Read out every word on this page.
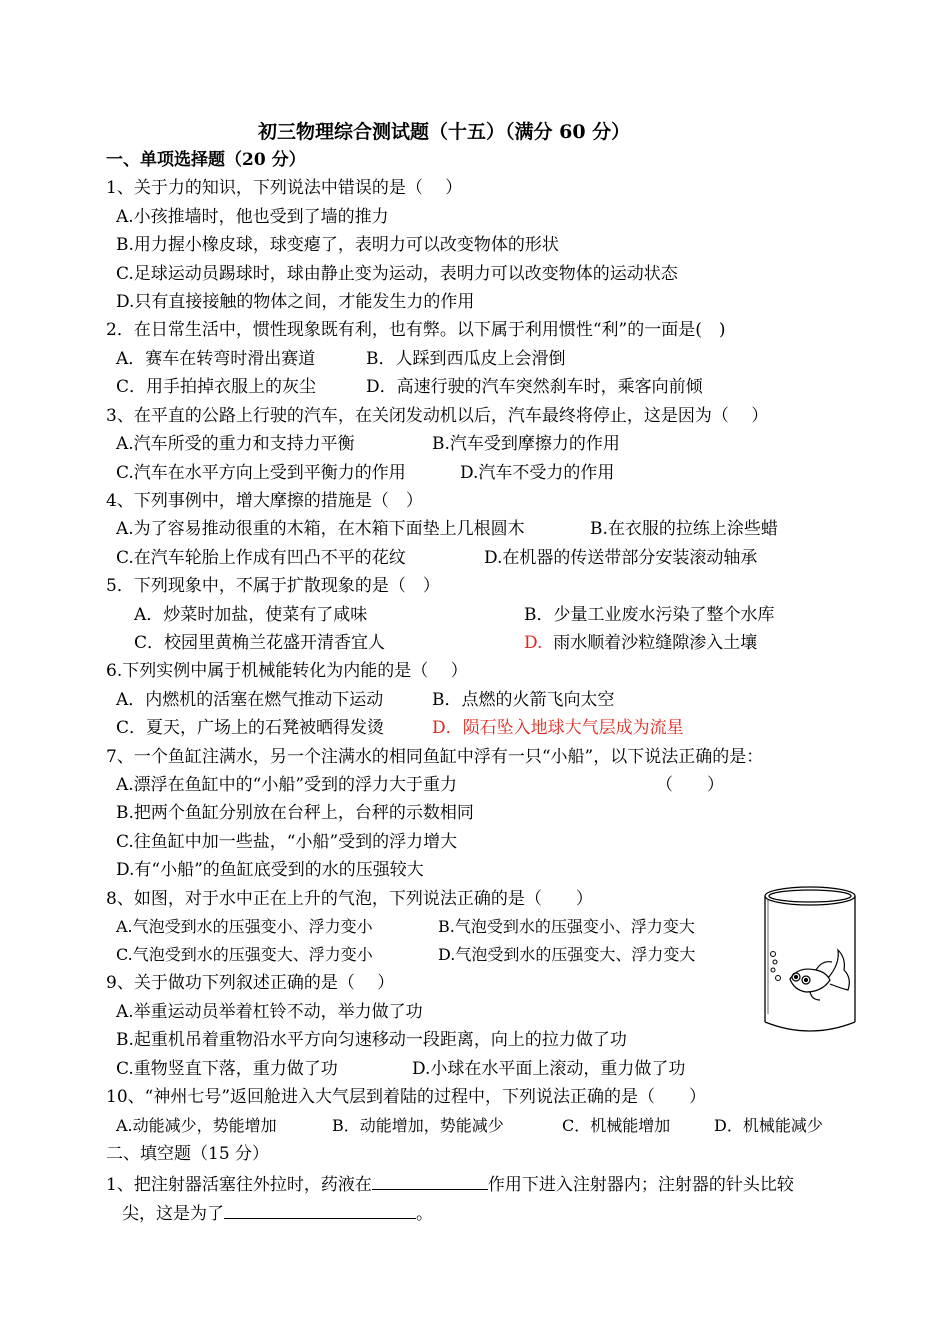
初三物理综合测试题（十五）（满分 60 分）
一、单项选择题（20 分）
1、关于力的知识，下列说法中错误的是（　 ）
A.小孩推墙时，他也受到了墙的推力
B.用力握小橡皮球，球变瘪了，表明力可以改变物体的形状
C.足球运动员踢球时，球由静止变为运动，表明力可以改变物体的运动状态
D.只有直接接触的物体之间，才能发生力的作用
2．在日常生活中，惯性现象既有利，也有弊。以下属于利用惯性“利”的一面是(　)
A．赛车在转弯时滑出赛道	B．人踩到西瓜皮上会滑倒
C．用手拍掉衣服上的灰尘	D．高速行驶的汽车突然刹车时，乘客向前倾
3、在平直的公路上行驶的汽车，在关闭发动机以后，汽车最终将停止，这是因为（　 ）
A.汽车所受的重力和支持力平衡	B.汽车受到摩擦力的作用
C.汽车在水平方向上受到平衡力的作用	D.汽车不受力的作用
4、下列事例中，增大摩擦的措施是（　）
A.为了容易推动很重的木箱，在木箱下面垫上几根圆木	B.在衣服的拉练上涂些蜡
C.在汽车轮胎上作成有凹凸不平的花纹	D.在机器的传送带部分安装滚动轴承
5．下列现象中，不属于扩散现象的是（　）
A．炒菜时加盐，使菜有了咸味	B．少量工业废水污染了整个水库
C．校园里黄桷兰花盛开清香宜人	D. 雨水顺着沙粒缝隙渗入土壤
6.下列实例中属于机械能转化为内能的是（　 ）
A．内燃机的活塞在燃气推动下运动	B．点燃的火箭飞向太空
C．夏天，广场上的石凳被晒得发烫	D．陨石坠入地球大气层成为流星
7、一个鱼缸注满水，另一个注满水的相同鱼缸中浮有一只“小船”，以下说法正确的是：
A.漂浮在鱼缸中的“小船”受到的浮力大于重力	（　　）
B.把两个鱼缸分别放在台秤上，台秤的示数相同
C.往鱼缸中加一些盐，“小船”受到的浮力增大
D.有“小船”的鱼缸底受到的水的压强较大
8、如图，对于水中正在上升的气泡，下列说法正确的是（　　）
A.气泡受到水的压强变小、浮力变小	B.气泡受到水的压强变小、浮力变大
C.气泡受到水的压强变大、浮力变小	D.气泡受到水的压强变大、浮力变大
9、关于做功下列叙述正确的是（　 ）
A.举重运动员举着杠铃不动，举力做了功
B.起重机吊着重物沿水平方向匀速移动一段距离，向上的拉力做了功
C.重物竖直下落，重力做了功	D.小球在水平面上滚动，重力做了功
10、“神州七号”返回舱进入大气层到着陆的过程中，下列说法正确的是（　　）
A.动能减少，势能增加	B．动能增加，势能减少	C．机械能增加	D．机械能减少
二、填空题（15 分）
1、把注射器活塞往外拉时，药液在	作用下进入注射器内；注射器的针头比较
尖，这是为了	。
